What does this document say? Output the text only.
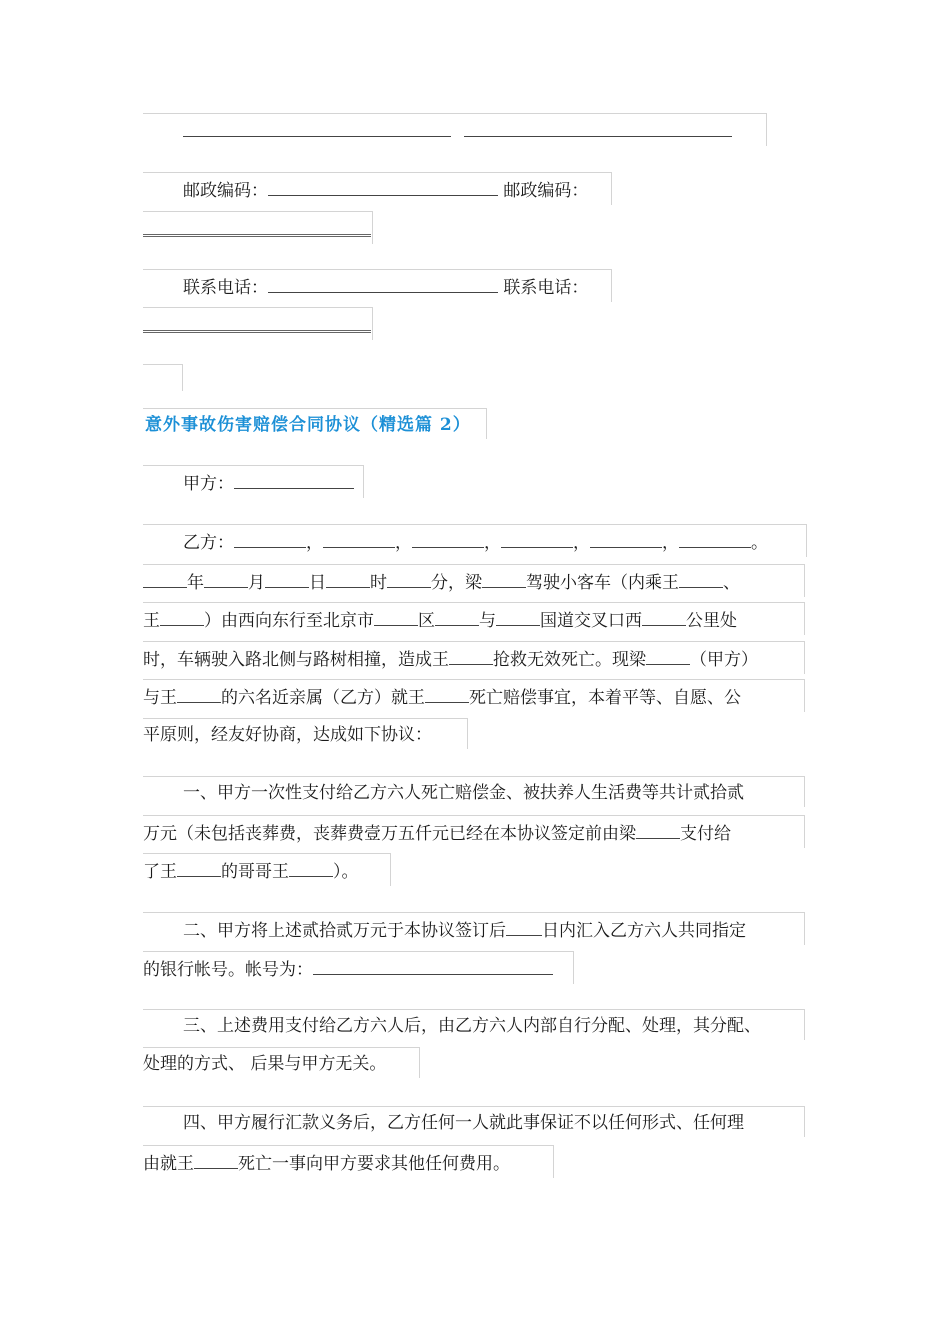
邮政编码：	邮政编码：
联系电话：	联系电话：
意外事故伤害赔偿合同协议（精选篇 2）
甲方：
乙方：	，	，	，	，	，	。
年	月	日	时	分，梁	驾驶小客车（内乘王	、
王	）由西向东行至北京市	区	与	国道交叉口西	公里处
时，车辆驶入路北侧与路树相撞，造成王	抢救无效死亡。现梁	（甲方）
与王	的六名近亲属（乙方）就王	死亡赔偿事宜，本着平等、自愿、公
平原则，经友好协商，达成如下协议：
一、甲方一次性支付给乙方六人死亡赔偿金、被扶养人生活费等共计贰拾贰
万元（未包括丧葬费，丧葬费壹万五仟元已经在本协议签定前由梁	支付给
了王	的哥哥王	）。
二、甲方将上述贰拾贰万元于本协议签订后 日内汇入乙方六人共同指定
的银行帐号。帐号为：
三、上述费用支付给乙方六人后，由乙方六人内部自行分配、处理，其分配、
处理的方式、 后果与甲方无关。
四、甲方履行汇款义务后，乙方任何一人就此事保证不以任何形式、任何理
由就王	死亡一事向甲方要求其他任何费用。
